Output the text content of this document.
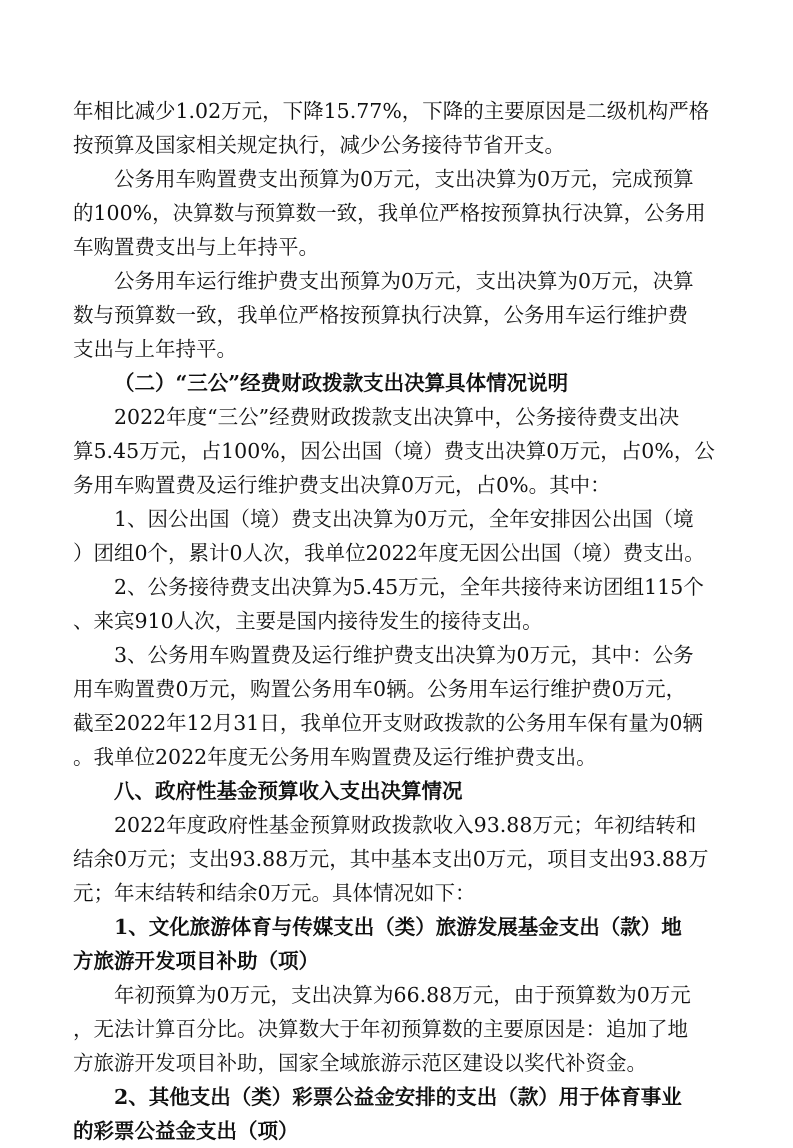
年相比减少1.02万元，下降15.77%，下降的主要原因是二级机构严格
按预算及国家相关规定执行，减少公务接待节省开支。
公务用车购置费支出预算为0万元，支出决算为0万元，完成预算
的100%，决算数与预算数一致，我单位严格按预算执行决算，公务用
车购置费支出与上年持平。
公务用车运行维护费支出预算为0万元，支出决算为0万元，决算
数与预算数一致，我单位严格按预算执行决算，公务用车运行维护费
支出与上年持平。
（二）“三公”经费财政拨款支出决算具体情况说明
2022年度“三公”经费财政拨款支出决算中，公务接待费支出决
算5.45万元，占100%，因公出国（境）费支出决算0万元，占0%，公
务用车购置费及运行维护费支出决算0万元，占0%。其中：
1、因公出国（境）费支出决算为0万元，全年安排因公出国（境
）团组0个，累计0人次，我单位2022年度无因公出国（境）费支出。
2、公务接待费支出决算为5.45万元，全年共接待来访团组115个
、来宾910人次，主要是国内接待发生的接待支出。
3、公务用车购置费及运行维护费支出决算为0万元，其中：公务
用车购置费0万元，购置公务用车0辆。公务用车运行维护费0万元，
截至2022年12月31日，我单位开支财政拨款的公务用车保有量为0辆
。我单位2022年度无公务用车购置费及运行维护费支出。
八、政府性基金预算收入支出决算情况
2022年度政府性基金预算财政拨款收入93.88万元；年初结转和
结余0万元；支出93.88万元，其中基本支出0万元，项目支出93.88万
元；年末结转和结余0万元。具体情况如下：
1、文化旅游体育与传媒支出（类）旅游发展基金支出（款）地
方旅游开发项目补助（项）
年初预算为0万元，支出决算为66.88万元，由于预算数为0万元
，无法计算百分比。决算数大于年初预算数的主要原因是：追加了地
方旅游开发项目补助，国家全域旅游示范区建设以奖代补资金。
2、其他支出（类）彩票公益金安排的支出（款）用于体育事业
的彩票公益金支出（项）
